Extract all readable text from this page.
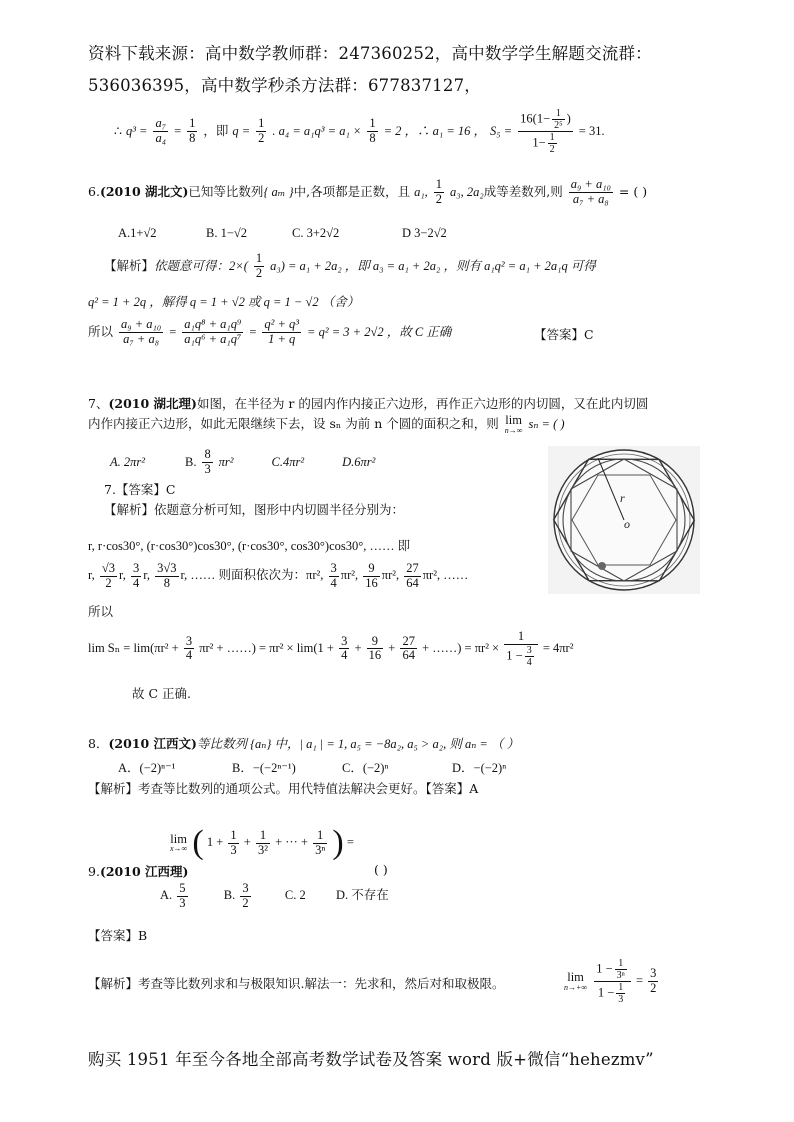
资料下载来源：高中数学教师群：247360252，高中数学学生解题交流群：
536036395，高中数学秒杀方法群：677837127，
∴ $q^3 = \frac{\text{a₇}}{\text{a₄}} = \frac{1}{8}$ ，即 $q = \frac{1}{2}$ . $a_4 = a_1q^3 = a_1 \times \frac{1}{8} = 2$ ，∴ a₁ = 16 ， $S_5 = \frac{16(1- \frac{1}{\text{2⁵}} )}{1- \frac{1}{2}} = 31$.
6.(2010 湖北文)已知等比数列{ aₘ }中,各项都是正数，且 a₁, $\frac{1}{2} a_3$, 2a₂成等差数列,则 $\frac{\text{a₉ + a₁₀}}{\text{a₇ + a₈}}$ = ( )
A.1+√2	B. 1−√2	C. 3+2√2	D 3−2√2
【解析】依题意可得：$2\times( \frac{1}{2} a_3) = a_1 + 2a_2$ ，即 a₃ = a₁ + 2a₂ ，则有 a₁q² = a₁ + 2a₁q 可得
q² = 1 + 2q ，解得 q = 1 + √2 或 q = 1 − √2 （舍）
所以 $\frac{\text{a₉ + a₁₀}}{\text{a₇ + a₈}} = \frac{\text{a₁q⁸ + a₁q⁹}}{\text{a₁q⁶ + a₁q⁷}} = \frac{\text{q² + q³}}{1 + q} = q^2 = 3 + 2√2$ ，故 C 正确	【答案】C
7、(2010 湖北理)如图，在半径为 r 的园内作内接正六边形，再作正六边形的内切圆，又在此内切圆
内作内接正六边形，如此无限继续下去，设 sₙ 为前 n 个圆的面积之和，则 lim
n→∞ sₙ = ( )
A. 2πr²	B. $\frac{8}{3} \pi r^2$	C.4πr²	D.6πr²
7.【答案】C
【解析】依题意分析可知，图形中内切圆半径分别为：
r, r·cos30°, (r·cos30°)cos30°, (r·cos30°, cos30°)cos30°, …… 即
r, $\frac{√3}{2} r$, $\frac{3}{4} r$, $\frac{3√3}{8} r$, …… 则面积依次为：πr², $\frac{3}{4} \pi r^2$, $\frac{9}{16} \pi r^2$, $\frac{27}{64} \pi r^2$, ……
所以
$\lim S_n = \lim(\pi r^2 + \frac{3}{4} \pi r^2$ + ……) = $\pi r^2 \times \lim(1 + \frac{3}{4} + \frac{9}{16} + \frac{27}{64}$ + ……) = $\pi r^2 \times \frac{1}{1 - \frac{3}{4}} = 4\pi r^2$
故 C 正确.
r
o
8．(2010 江西文)等比数列 {aₙ} 中，| a₁ | = 1, a₅ = −8a₂, a₅ > a₂, 则 aₙ = （ ）
A．(−2)ⁿ⁻¹	B．−(−2ⁿ⁻¹)	C．(−2)ⁿ	D．−(−2)ⁿ
【解析】考查等比数列的通项公式。用代特值法解决会更好。【答案】A
lim
x→∞ ( $1 + \frac{1}{3} + \frac{1}{\text{3²}}$ + ··· + $\frac{1}{\text{3ⁿ}}$ ) =
9.(2010 江西理)	( )
A. $\frac{5}{3}$	B. $\frac{3}{2}$	C. 2 D. 不存在
【答案】B
【解析】考查等比数列求和与极限知识.解法一：先求和，然后对和取极限。	lim
n→+∞
$\frac{1 - \frac{1}{\text{3ⁿ}}}{1 - \frac{1}{3}} = \frac{3}{2}$
购买 1951 年至今各地全部高考数学试卷及答案 word 版+微信“hehezmv”
